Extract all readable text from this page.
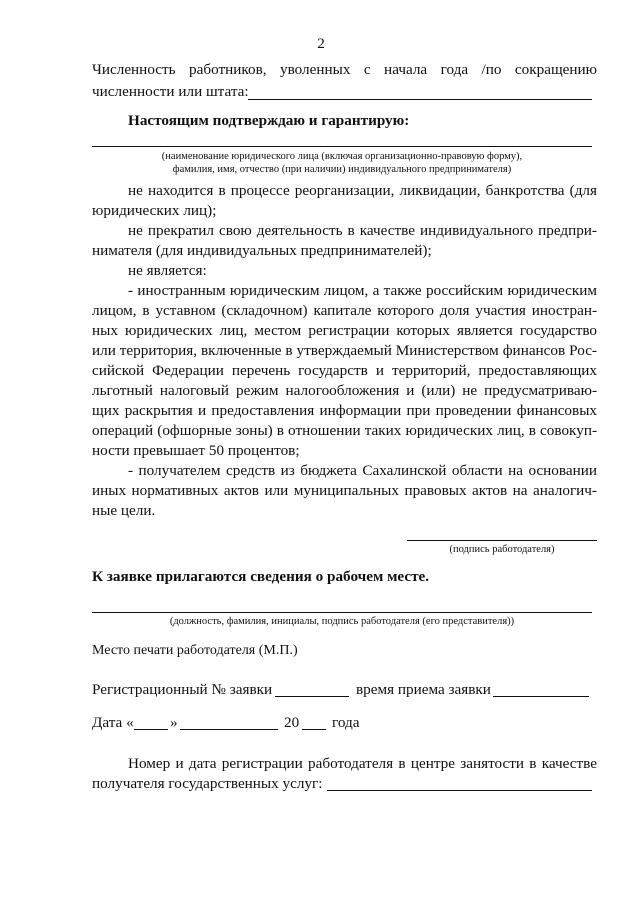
2
Численность работников, уволенных с начала года /по сокращению
численности или штата:
Настоящим подтверждаю и гарантирую:
(наименование юридического лица (включая организационно-правовую форму),
фамилия, имя, отчество (при наличии) индивидуального предпринимателя)
не находится в процессе реорганизации, ликвидации, банкротства (для
юридических лиц);
не прекратил свою деятельность в качестве индивидуального предпри-
нимателя (для индивидуальных предпринимателей);
не является:
- иностранным юридическим лицом, а также российским юридическим
лицом, в уставном (складочном) капитале которого доля участия иностран-
ных юридических лиц, местом регистрации которых является государство
или территория, включенные в утверждаемый Министерством финансов Рос-
сийской Федерации перечень государств и территорий, предоставляющих
льготный налоговый режим налогообложения и (или) не предусматриваю-
щих раскрытия и предоставления информации при проведении финансовых
операций (офшорные зоны) в отношении таких юридических лиц, в совокуп-
ности превышает 50 процентов;
- получателем средств из бюджета Сахалинской области на основании
иных нормативных актов или муниципальных правовых актов на аналогич-
ные цели.
(подпись работодателя)
К заявке прилагаются сведения о рабочем месте.
(должность, фамилия, инициалы, подпись работодателя (его представителя))
Место печати работодателя (М.П.)
Регистрационный № заявки	время приема заявки
Дата « »	20 года
Номер и дата регистрации работодателя в центре занятости в качестве
получателя государственных услуг:
